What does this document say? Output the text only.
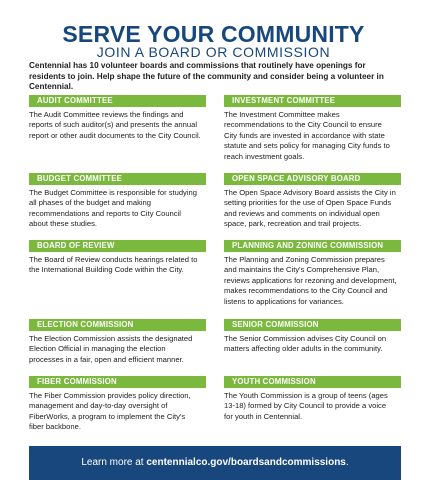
SERVE YOUR COMMUNITY
JOIN A BOARD OR COMMISSION
Centennial has 10 volunteer boards and commissions that routinely have openings for residents to join. Help shape the future of the community and consider being a volunteer in Centennial.
AUDIT COMMITTEE
The Audit Committee reviews the findings and reports of such auditor(s) and presents the annual report or other audit documents to the City Council.
INVESTMENT COMMITTEE
The Investment Committee makes recommendations to the City Council to ensure City funds are invested in accordance with state statute and sets policy for managing City funds to reach investment goals.
BUDGET COMMITTEE
The Budget Committee is responsible for studying all phases of the budget and making recommendations and reports to City Council about these studies.
OPEN SPACE ADVISORY BOARD
The Open Space Advisory Board assists the City in setting priorities for the use of Open Space Funds and reviews and comments on individual open space, park, recreation and trail projects.
BOARD OF REVIEW
The Board of Review conducts hearings related to the International Building Code within the City.
PLANNING AND ZONING COMMISSION
The Planning and Zoning Commission prepares and maintains the City's Comprehensive Plan, reviews applications for rezoning and development, makes recommendations to the City Council and listens to applications for variances.
ELECTION COMMISSION
The Election Commission assists the designated Election Official in managing the election processes in a fair, open and efficient manner.
SENIOR COMMISSION
The Senior Commission advises City Council on matters affecting older adults in the community.
FIBER COMMISSION
The Fiber Commission provides policy direction, management and day-to-day oversight of FiberWorks, a program to implement the City's fiber backbone.
YOUTH COMMISSION
The Youth Commission is a group of teens (ages 13-18) formed by City Council to provide a voice for youth in Centennial.
Learn more at centennialco.gov/boardsandcommissions.
